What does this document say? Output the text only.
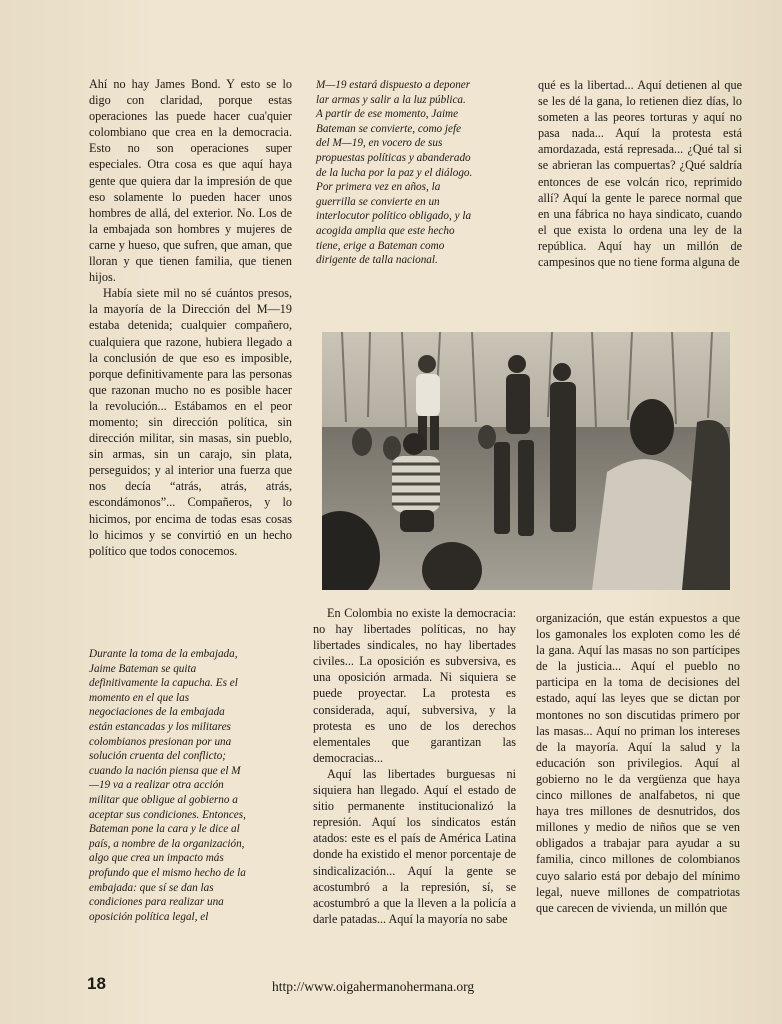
Ahí no hay James Bond. Y esto se lo digo con claridad, porque estas operaciones las puede hacer cua'quier colombiano que crea en la democracia. Esto no son operaciones super especiales. Otra cosa es que aquí haya gente que quiera dar la impresión de que eso solamente lo pueden hacer unos hombres de allá, del exterior. No. Los de la embajada son hombres y mujeres de carne y hueso, que sufren, que aman, que lloran y que tienen familia, que tienen hijos.

Había siete mil no sé cuántos presos, la mayoría de la Dirección del M—19 estaba detenida; cualquier compañero, cualquiera que razone, hubiera llegado a la conclusión de que eso es imposible, porque definitivamente para las personas que razonan mucho no es posible hacer la revolución... Estábamos en el peor momento; sin dirección política, sin dirección militar, sin masas, sin pueblo, sin armas, sin un carajo, sin plata, perseguidos; y al interior una fuerza que nos decía “atrás, atrás, atrás, escondámonos”... Compañeros, y lo hicimos, por encima de todas esas cosas lo hicimos y se convirtió en un hecho político que todos conocemos.

Durante la toma de la embajada, Jaime Bateman se quita definitivamente la capucha. Es el momento en el que las negociaciones de la embajada están estancadas y los militares colombianos presionan por una solución cruenta del conflicto; cuando la nación piensa que el M—19 va a realizar otra acción militar que obligue al gobierno a aceptar sus condiciones. Entonces, Bateman pone la cara y le dice al país, a nombre de la organización, algo que crea un impacto más profundo que el mismo hecho de la embajada: que sí se dan las condiciones para realizar una oposición política legal, el

M—19 estará dispuesto a deponer lar armas y salir a la luz pública. A partir de ese momento, Jaime Bateman se convierte, como jefe del M—19, en vocero de sus propuestas políticas y abanderado de la lucha por la paz y el diálogo. Por primera vez en años, la guerrilla se convierte en un interlocutor político obligado, y la acogida amplia que este hecho tiene, erige a Bateman como dirigente de talla nacional.

qué es la libertad... Aquí detienen al que se les dé la gana, lo retienen diez días, lo someten a las peores torturas y aquí no pasa nada... Aquí la protesta está amordazada, está represada... ¿Qué tal si se abrieran las compuertas? ¿Qué saldría entonces de ese volcán rico, reprimido allí? Aquí la gente le parece normal que en una fábrica no haya sindicato, cuando el que exista lo ordena una ley de la república. Aquí hay un millón de campesinos que no tiene forma alguna de

En Colombia no existe la democracia: no hay libertades políticas, no hay libertades sindicales, no hay libertades civiles... La oposición es subversiva, es una oposición armada. Ni siquiera se puede proyectar. La protesta es considerada, aquí, subversiva, y la protesta es uno de los derechos elementales que garantizan las democracias...

Aquí las libertades burguesas ni siquiera han llegado. Aquí el estado de sitio permanente institucionalizó la represión. Aquí los sindicatos están atados: este es el país de América Latina donde ha existido el menor porcentaje de sindicalización... Aquí la gente se acostumbró a la represión, sí, se acostumbró a que la lleven a la policía a darle patadas... Aquí la mayoría no sabe

organización, que están expuestos a que los gamonales los exploten como les dé la gana. Aquí las masas no son partícipes de la justicia... Aquí el pueblo no participa en la toma de decisiones del estado, aquí las leyes que se dictan por montones no son discutidas primero por las masas... Aquí no priman los intereses de la mayoría. Aquí la salud y la educación son privilegios. Aquí al gobierno no le da vergüenza que haya cinco millones de analfabetos, ni que haya tres millones de desnutridos, dos millones y medio de niños que se ven obligados a trabajar para ayudar a su familia, cinco millones de colombianos cuyo salario está por debajo del mínimo legal, nueve millones de compatriotas que carecen de vivienda, un millón que

18	http://www.oigahermanohermana.org
